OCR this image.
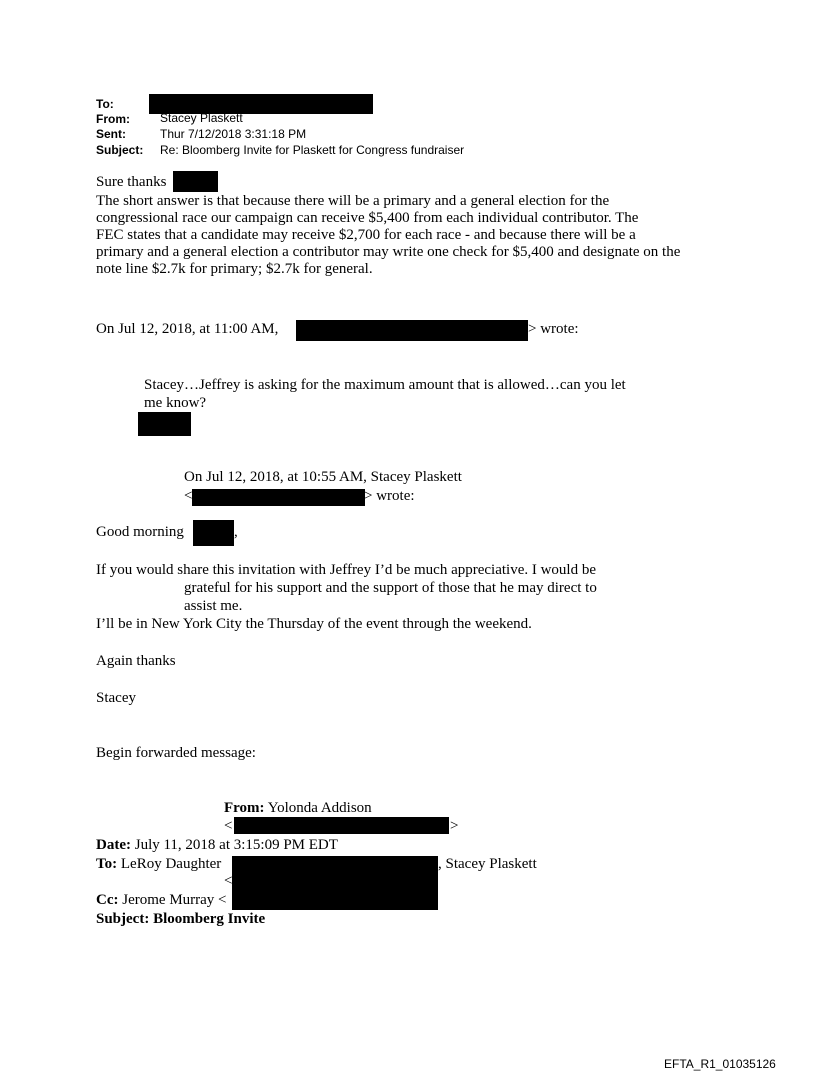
To:
From:	Stacey Plaskett
Sent:	Thur 7/12/2018 3:31:18 PM
Subject: Re: Bloomberg Invite for Plaskett for Congress fundraiser
Sure thanks
The short answer is that because there will be a primary and a general election for the
congressional race our campaign can receive $5,400 from each individual contributor. The
FEC states that a candidate may receive $2,700 for each race - and because there will be a
primary and a general election a contributor may write one check for $5,400 and designate on the
note line $2.7k for primary; $2.7k for general.
On Jul 12, 2018, at 11:00 AM,	> wrote:
Stacey…Jeffrey is asking for the maximum amount that is allowed…can you let
me know?
On Jul 12, 2018, at 10:55 AM, Stacey Plaskett
<	> wrote:
Good morning	,
If you would share this invitation with Jeffrey I’d be much appreciative. I would be
grateful for his support and the support of those that he may direct to
assist me.
I’ll be in New York City the Thursday of the event through the weekend.
Again thanks
Stacey
Begin forwarded message:
From: Yolonda Addison
<	>
Date: July 11, 2018 at 3:15:09 PM EDT
To: LeRoy Daughter	, Stacey Plaskett
<
Cc: Jerome Murray <
Subject: Bloomberg Invite
EFTA_R1_01035126
